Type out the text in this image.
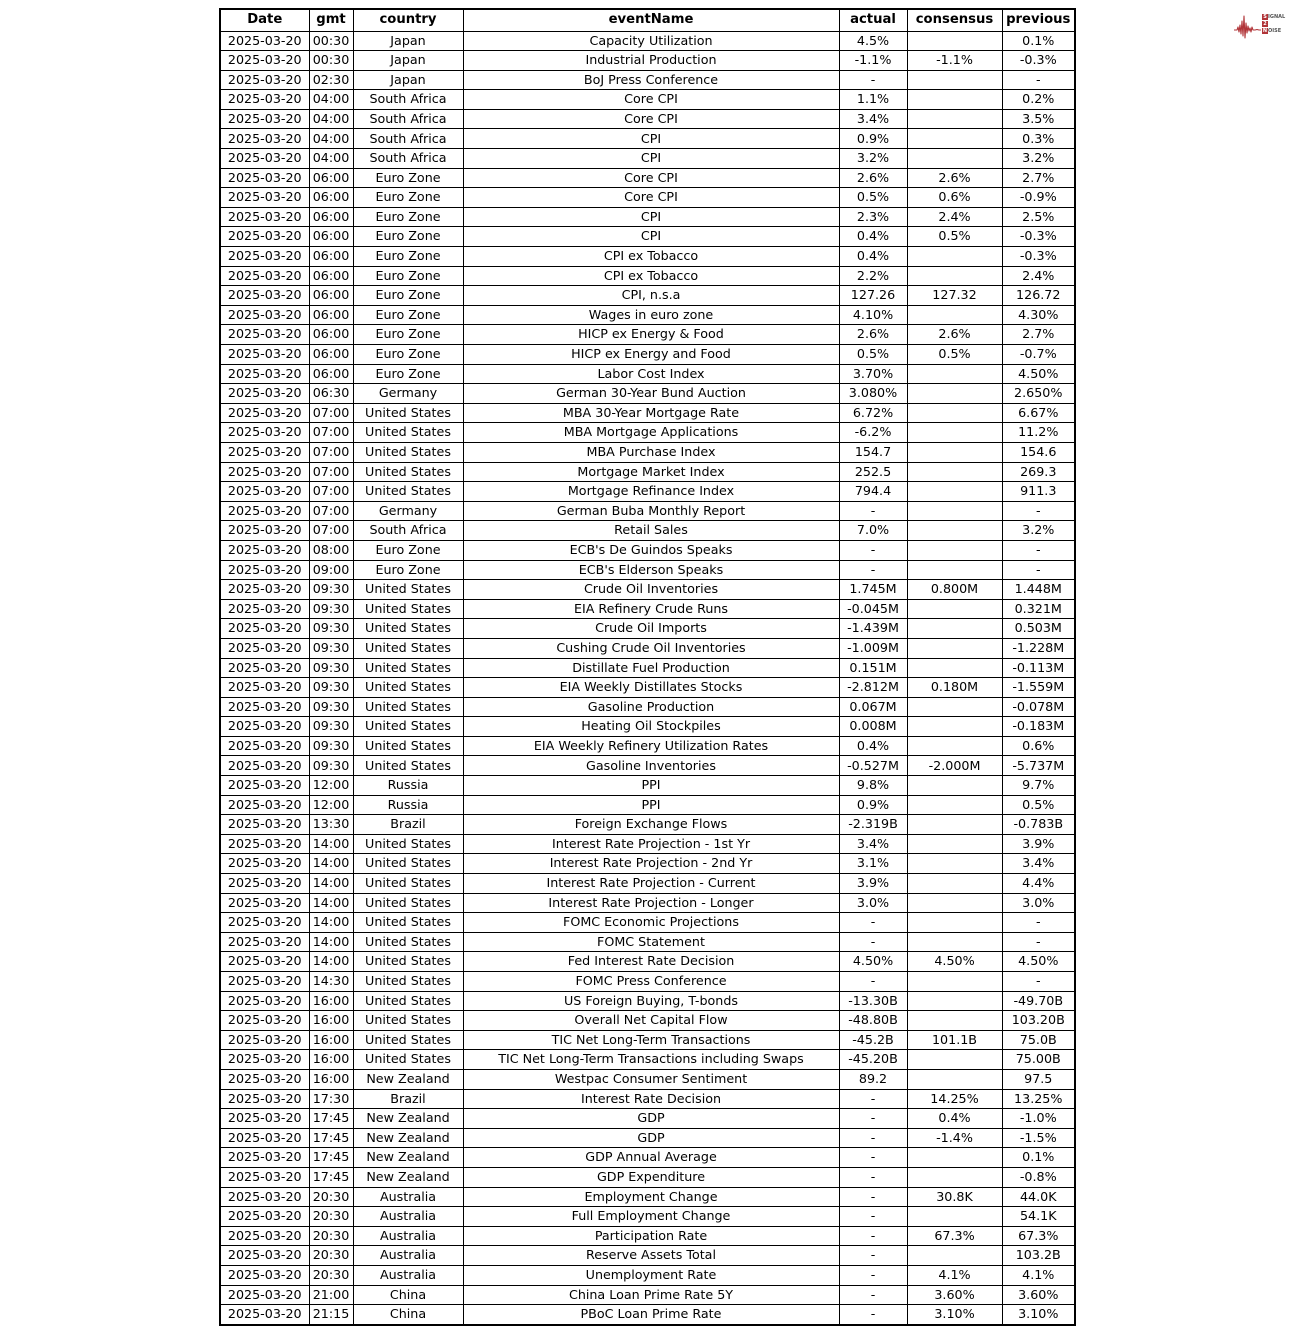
Date	gmt	country	eventName	actual	consensus	previous
2025-03-20	00:30	Japan	Capacity Utilization	4.5%		0.1%
2025-03-20	00:30	Japan	Industrial Production	-1.1%	-1.1%	-0.3%
2025-03-20	02:30	Japan	BoJ Press Conference	-		-
2025-03-20	04:00	South Africa	Core CPI	1.1%		0.2%
2025-03-20	04:00	South Africa	Core CPI	3.4%		3.5%
2025-03-20	04:00	South Africa	CPI	0.9%		0.3%
2025-03-20	04:00	South Africa	CPI	3.2%		3.2%
2025-03-20	06:00	Euro Zone	Core CPI	2.6%	2.6%	2.7%
2025-03-20	06:00	Euro Zone	Core CPI	0.5%	0.6%	-0.9%
2025-03-20	06:00	Euro Zone	CPI	2.3%	2.4%	2.5%
2025-03-20	06:00	Euro Zone	CPI	0.4%	0.5%	-0.3%
2025-03-20	06:00	Euro Zone	CPI ex Tobacco	0.4%		-0.3%
2025-03-20	06:00	Euro Zone	CPI ex Tobacco	2.2%		2.4%
2025-03-20	06:00	Euro Zone	CPI, n.s.a	127.26	127.32	126.72
2025-03-20	06:00	Euro Zone	Wages in euro zone	4.10%		4.30%
2025-03-20	06:00	Euro Zone	HICP ex Energy & Food	2.6%	2.6%	2.7%
2025-03-20	06:00	Euro Zone	HICP ex Energy and Food	0.5%	0.5%	-0.7%
2025-03-20	06:00	Euro Zone	Labor Cost Index	3.70%		4.50%
2025-03-20	06:30	Germany	German 30-Year Bund Auction	3.080%		2.650%
2025-03-20	07:00	United States	MBA 30-Year Mortgage Rate	6.72%		6.67%
2025-03-20	07:00	United States	MBA Mortgage Applications	-6.2%		11.2%
2025-03-20	07:00	United States	MBA Purchase Index	154.7		154.6
2025-03-20	07:00	United States	Mortgage Market Index	252.5		269.3
2025-03-20	07:00	United States	Mortgage Refinance Index	794.4		911.3
2025-03-20	07:00	Germany	German Buba Monthly Report	-		-
2025-03-20	07:00	South Africa	Retail Sales	7.0%		3.2%
2025-03-20	08:00	Euro Zone	ECB's De Guindos Speaks	-		-
2025-03-20	09:00	Euro Zone	ECB's Elderson Speaks	-		-
2025-03-20	09:30	United States	Crude Oil Inventories	1.745M	0.800M	1.448M
2025-03-20	09:30	United States	EIA Refinery Crude Runs	-0.045M		0.321M
2025-03-20	09:30	United States	Crude Oil Imports	-1.439M		0.503M
2025-03-20	09:30	United States	Cushing Crude Oil Inventories	-1.009M		-1.228M
2025-03-20	09:30	United States	Distillate Fuel Production	0.151M		-0.113M
2025-03-20	09:30	United States	EIA Weekly Distillates Stocks	-2.812M	0.180M	-1.559M
2025-03-20	09:30	United States	Gasoline Production	0.067M		-0.078M
2025-03-20	09:30	United States	Heating Oil Stockpiles	0.008M		-0.183M
2025-03-20	09:30	United States	EIA Weekly Refinery Utilization Rates	0.4%		0.6%
2025-03-20	09:30	United States	Gasoline Inventories	-0.527M	-2.000M	-5.737M
2025-03-20	12:00	Russia	PPI	9.8%		9.7%
2025-03-20	12:00	Russia	PPI	0.9%		0.5%
2025-03-20	13:30	Brazil	Foreign Exchange Flows	-2.319B		-0.783B
2025-03-20	14:00	United States	Interest Rate Projection - 1st Yr	3.4%		3.9%
2025-03-20	14:00	United States	Interest Rate Projection - 2nd Yr	3.1%		3.4%
2025-03-20	14:00	United States	Interest Rate Projection - Current	3.9%		4.4%
2025-03-20	14:00	United States	Interest Rate Projection - Longer	3.0%		3.0%
2025-03-20	14:00	United States	FOMC Economic Projections	-		-
2025-03-20	14:00	United States	FOMC Statement	-		-
2025-03-20	14:00	United States	Fed Interest Rate Decision	4.50%	4.50%	4.50%
2025-03-20	14:30	United States	FOMC Press Conference	-		-
2025-03-20	16:00	United States	US Foreign Buying, T-bonds	-13.30B		-49.70B
2025-03-20	16:00	United States	Overall Net Capital Flow	-48.80B		103.20B
2025-03-20	16:00	United States	TIC Net Long-Term Transactions	-45.2B	101.1B	75.0B
2025-03-20	16:00	United States	TIC Net Long-Term Transactions including Swaps	-45.20B		75.00B
2025-03-20	16:00	New Zealand	Westpac Consumer Sentiment	89.2		97.5
2025-03-20	17:30	Brazil	Interest Rate Decision	-	14.25%	13.25%
2025-03-20	17:45	New Zealand	GDP	-	0.4%	-1.0%
2025-03-20	17:45	New Zealand	GDP	-	-1.4%	-1.5%
2025-03-20	17:45	New Zealand	GDP Annual Average	-		0.1%
2025-03-20	17:45	New Zealand	GDP Expenditure	-		-0.8%
2025-03-20	20:30	Australia	Employment Change	-	30.8K	44.0K
2025-03-20	20:30	Australia	Full Employment Change	-		54.1K
2025-03-20	20:30	Australia	Participation Rate	-	67.3%	67.3%
2025-03-20	20:30	Australia	Reserve Assets Total	-		103.2B
2025-03-20	20:30	Australia	Unemployment Rate	-	4.1%	4.1%
2025-03-20	21:00	China	China Loan Prime Rate 5Y	-	3.60%	3.60%
2025-03-20	21:15	China	PBoC Loan Prime Rate	-	3.10%	3.10%
S IGNAL
2
N OISE
